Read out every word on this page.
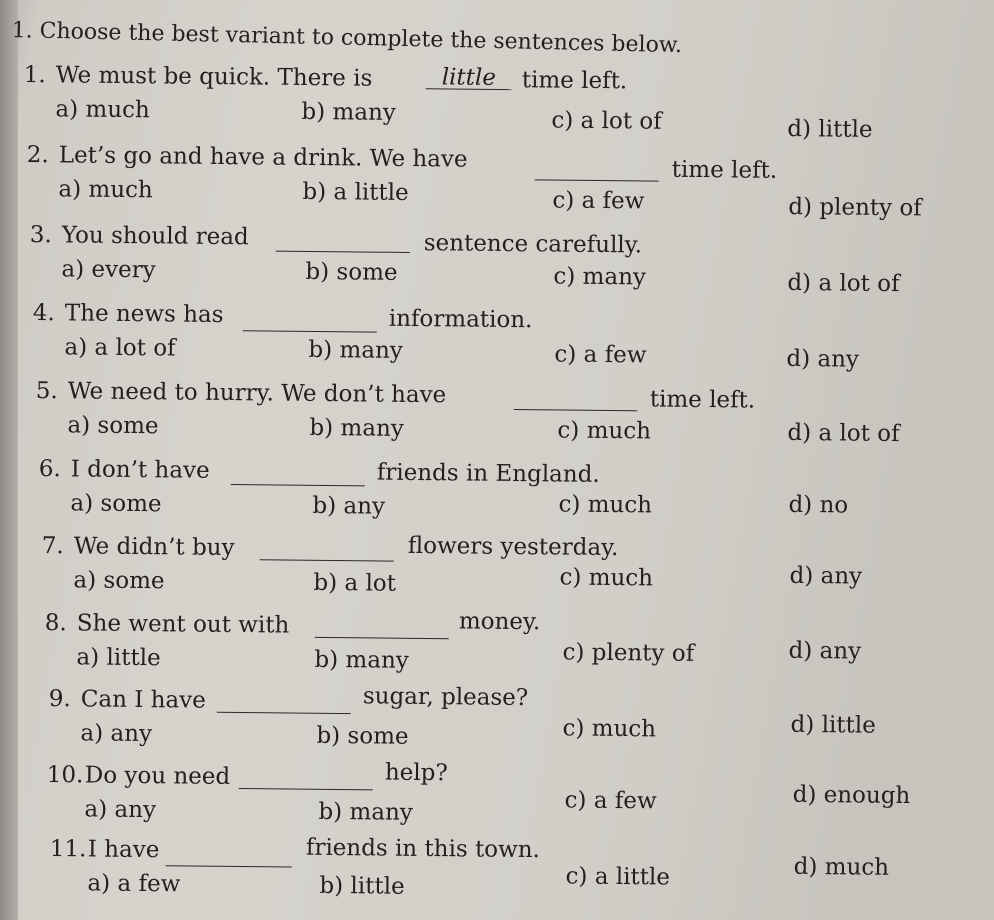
1. Choose the best variant to complete the sentences below.
1. We must be quick. There is	little	time left.
a) much	b) many	c) a lot of	d) little
2. Let’s go and have a drink. We have	time left.
a) much	b) a little	c) a few	d) plenty of
3. You should read	sentence carefully.
a) every	b) some	c) many	d) a lot of
4. The news has	information.
a) a lot of	b) many	c) a few	d) any
5. We need to hurry. We don’t have	time left.
a) some	b) many	c) much	d) a lot of
6. I don’t have	friends in England.
a) some	b) any	c) much	d) no
7. We didn’t buy	flowers yesterday.
a) some	b) a lot	c) much	d) any
8. She went out with	money.
a) little	b) many	c) plenty of	d) any
9. Can I have	sugar, please?
a) any	b) some	c) much	d) little
10. Do you need	help?
a) any	b) many	c) a few	d) enough
11. I have	friends in this town.
a) a few	b) little	c) a little	d) much
